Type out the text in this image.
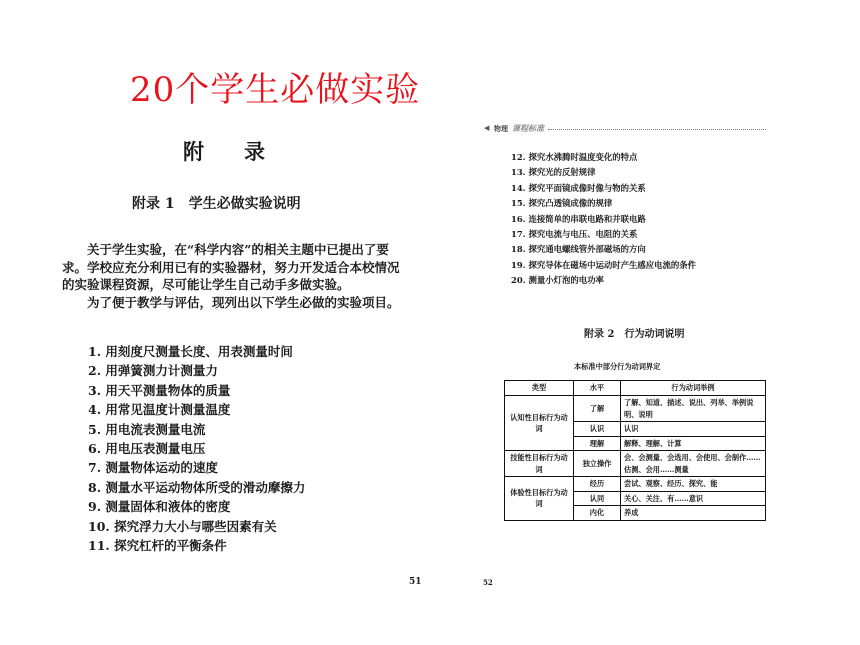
20个学生必做实验
附录
附录 1　学生必做实验说明

关于学生实验，在“科学内容”的相关主题中已提出了要求。学校应充分利用已有的实验器材，努力开发适合本校情况的实验课程资源，尽可能让学生自己动手多做实验。

为了便于教学与评估，现列出以下学生必做的实验项目。

1. 用刻度尺测量长度、用表测量时间
2. 用弹簧测力计测量力
3. 用天平测量物体的质量
4. 用常见温度计测量温度
5. 用电流表测量电流
6. 用电压表测量电压
7. 测量物体运动的速度
8. 测量水平运动物体所受的滑动摩擦力
9. 测量固体和液体的密度
10. 探究浮力大小与哪些因素有关
11. 探究杠杆的平衡条件
51
◀ 物理 课程标准
12. 探究水沸腾时温度变化的特点
13. 探究光的反射规律
14. 探究平面镜成像时像与物的关系
15. 探究凸透镜成像的规律
16. 连接简单的串联电路和并联电路
17. 探究电流与电压、电阻的关系
18. 探究通电螺线管外部磁场的方向
19. 探究导体在磁场中运动时产生感应电流的条件
20. 测量小灯泡的电功率
附录 2　行为动词说明
本标准中部分行为动词界定
类型	水平	行为动词举例
认知性目标行为动词	了解	了解、知道、描述、说出、列举、举例说明、说明
	认识	认识
	理解	解释、理解、计算
技能性目标行为动词	独立操作	会、会测量、会选用、会使用、会制作……估测、会用……测量
体验性目标行为动词	经历	尝试、观察、经历、探究、能
	认同	关心、关注、有……意识
	内化	养成
52
